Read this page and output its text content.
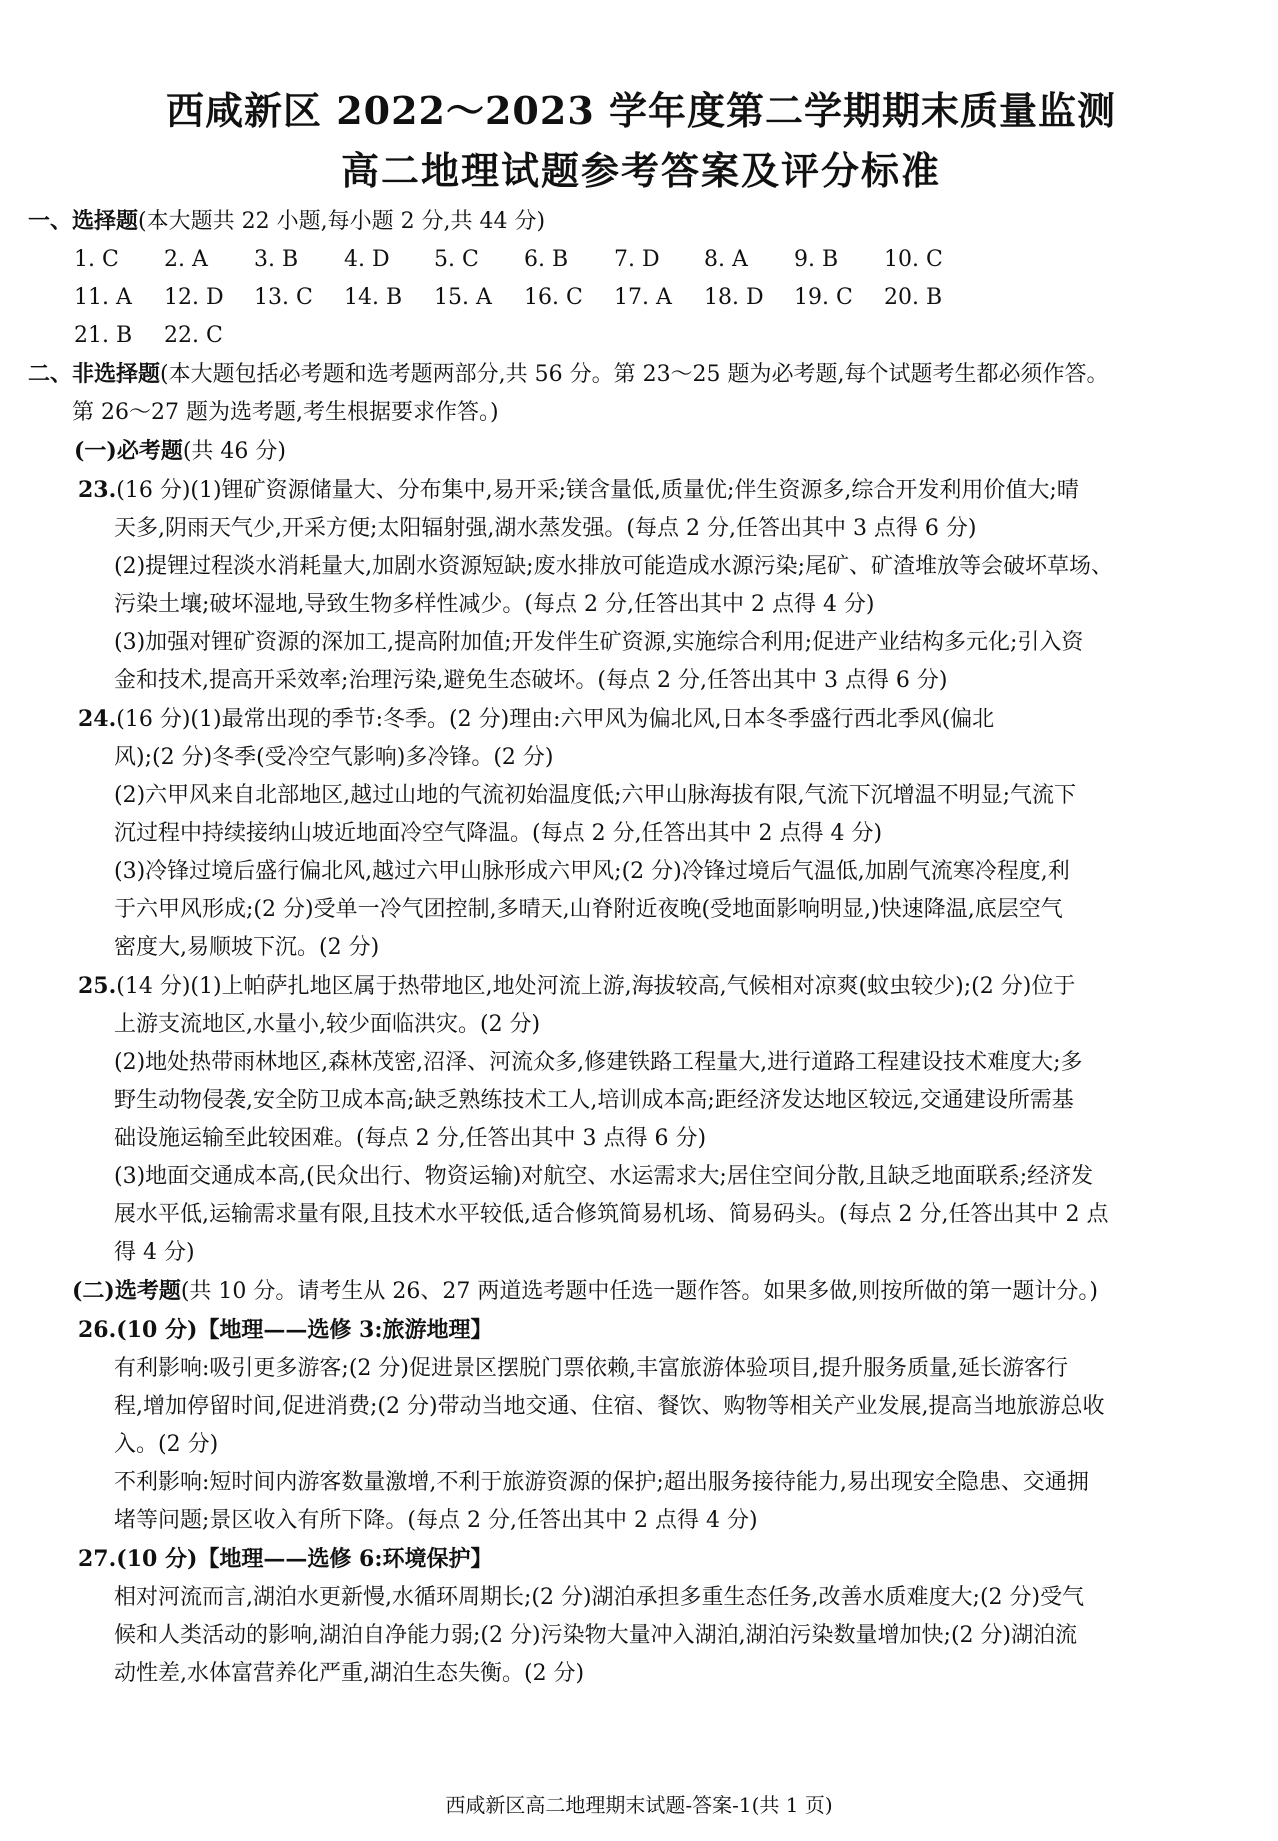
西咸新区 2022～2023 学年度第二学期期末质量监测
高二地理试题参考答案及评分标准
一、选择题(本大题共 22 小题,每小题 2 分,共 44 分)
1. C	2. A	3. B	4. D	5. C	6. B	7. D	8. A	9. B	10. C
11. A	12. D	13. C	14. B	15. A	16. C	17. A	18. D	19. C	20. B
21. B	22. C
二、非选择题(本大题包括必考题和选考题两部分,共 56 分。第 23～25 题为必考题,每个试题考生都必须作答。
第 26～27 题为选考题,考生根据要求作答。)
(一)必考题(共 46 分)
23.(16 分)(1)锂矿资源储量大、分布集中,易开采;镁含量低,质量优;伴生资源多,综合开发利用价值大;晴
天多,阴雨天气少,开采方便;太阳辐射强,湖水蒸发强。(每点 2 分,任答出其中 3 点得 6 分)
(2)提锂过程淡水消耗量大,加剧水资源短缺;废水排放可能造成水源污染;尾矿、矿渣堆放等会破坏草场、
污染土壤;破坏湿地,导致生物多样性减少。(每点 2 分,任答出其中 2 点得 4 分)
(3)加强对锂矿资源的深加工,提高附加值;开发伴生矿资源,实施综合利用;促进产业结构多元化;引入资
金和技术,提高开采效率;治理污染,避免生态破坏。(每点 2 分,任答出其中 3 点得 6 分)
24.(16 分)(1)最常出现的季节:冬季。(2 分)理由:六甲风为偏北风,日本冬季盛行西北季风(偏北
风);(2 分)冬季(受冷空气影响)多冷锋。(2 分)
(2)六甲风来自北部地区,越过山地的气流初始温度低;六甲山脉海拔有限,气流下沉增温不明显;气流下
沉过程中持续接纳山坡近地面冷空气降温。(每点 2 分,任答出其中 2 点得 4 分)
(3)冷锋过境后盛行偏北风,越过六甲山脉形成六甲风;(2 分)冷锋过境后气温低,加剧气流寒冷程度,利
于六甲风形成;(2 分)受单一冷气团控制,多晴天,山脊附近夜晚(受地面影响明显,)快速降温,底层空气
密度大,易顺坡下沉。(2 分)
25.(14 分)(1)上帕萨扎地区属于热带地区,地处河流上游,海拔较高,气候相对凉爽(蚊虫较少);(2 分)位于
上游支流地区,水量小,较少面临洪灾。(2 分)
(2)地处热带雨林地区,森林茂密,沼泽、河流众多,修建铁路工程量大,进行道路工程建设技术难度大;多
野生动物侵袭,安全防卫成本高;缺乏熟练技术工人,培训成本高;距经济发达地区较远,交通建设所需基
础设施运输至此较困难。(每点 2 分,任答出其中 3 点得 6 分)
(3)地面交通成本高,(民众出行、物资运输)对航空、水运需求大;居住空间分散,且缺乏地面联系;经济发
展水平低,运输需求量有限,且技术水平较低,适合修筑简易机场、简易码头。(每点 2 分,任答出其中 2 点
得 4 分)
(二)选考题(共 10 分。请考生从 26、27 两道选考题中任选一题作答。如果多做,则按所做的第一题计分。)
26.(10 分)【地理——选修 3:旅游地理】
有利影响:吸引更多游客;(2 分)促进景区摆脱门票依赖,丰富旅游体验项目,提升服务质量,延长游客行
程,增加停留时间,促进消费;(2 分)带动当地交通、住宿、餐饮、购物等相关产业发展,提高当地旅游总收
入。(2 分)
不利影响:短时间内游客数量激增,不利于旅游资源的保护;超出服务接待能力,易出现安全隐患、交通拥
堵等问题;景区收入有所下降。(每点 2 分,任答出其中 2 点得 4 分)
27.(10 分)【地理——选修 6:环境保护】
相对河流而言,湖泊水更新慢,水循环周期长;(2 分)湖泊承担多重生态任务,改善水质难度大;(2 分)受气
候和人类活动的影响,湖泊自净能力弱;(2 分)污染物大量冲入湖泊,湖泊污染数量增加快;(2 分)湖泊流
动性差,水体富营养化严重,湖泊生态失衡。(2 分)
西咸新区高二地理期末试题-答案-1(共 1 页)
